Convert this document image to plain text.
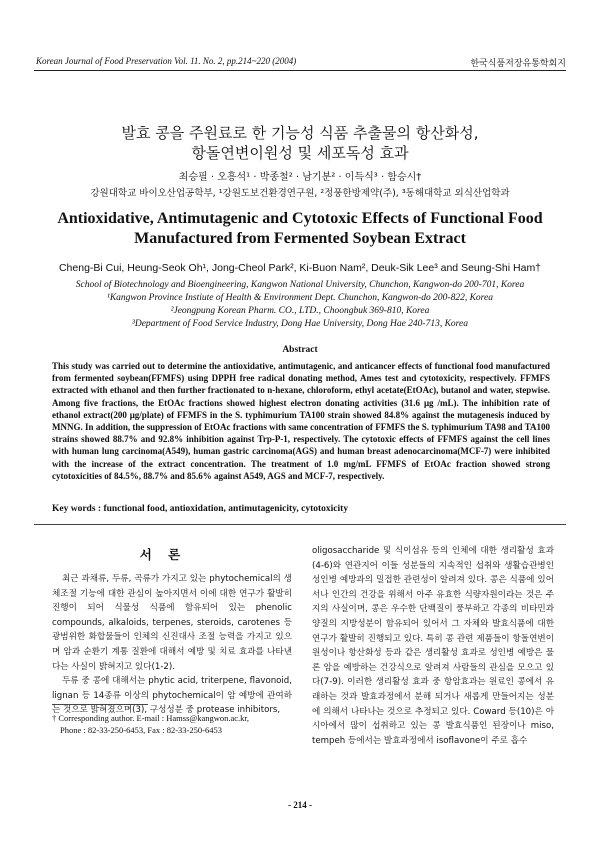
Korean Journal of Food Preservation Vol. 11. No. 2, pp.214~220 (2004)	한국식품저장유통학회지
발효 콩을 주원료로 한 기능성 식품 추출물의 항산화성,
항돌연변이원성 및 세포독성 효과
최승필 · 오흥석¹ · 박종철² · 남기분² · 이득식³ · 함승시†
강원대학교 바이오산업공학부, ¹강원도보건환경연구원, ²정풍한방제약(주), ³동해대학교 외식산업학과
Antioxidative, Antimutagenic and Cytotoxic Effects of Functional Food
Manufactured from Fermented Soybean Extract
Cheng-Bi Cui, Heung-Seok Oh¹, Jong-Cheol Park², Ki-Buon Nam², Deuk-Sik Lee³ and Seung-Shi Ham†
School of Biotechnology and Bioengineering, Kangwon National University, Chunchon, Kangwon-do 200-701, Korea
¹Kangwon Province Instiute of Health & Environment Dept. Chunchon, Kangwon-do 200-822, Korea
²Jeongpung Korean Pharm. CO., LTD., Choongbuk 369-810, Korea
³Department of Food Service Industry, Dong Hae University, Dong Hae 240-713, Korea
Abstract

This study was carried out to determine the antioxidative, antimutagenic, and anticancer effects of functional food manufactured from fermented soybean(FFMFS) using DPPH free radical donating method, Ames test and cytotoxicity, respectively. FFMFS extracted with ethanol and then further fractionated to n-hexane, chloroform, ethyl acetate(EtOAc), butanol and water, stepwise. Among five fractions, the EtOAc fractions showed highest electron donating activities (31.6 μg /mL). The inhibition rate of ethanol extract(200 μg/plate) of FFMFS in the S. typhimurium TA100 strain showed 84.8% against the mutagenesis induced by MNNG. In addition, the suppression of EtOAc fractions with same concentration of FFMFS the S. typhimurium TA98 and TA100 strains showed 88.7% and 92.8% inhibition against Trp-P-1, respectively. The cytotoxic effects of FFMFS against the cell lines with human lung carcinoma(A549), human gastric carcinoma(AGS) and human breast adenocarcinoma(MCF-7) were inhibited with the increase of the extract concentration. The treatment of 1.0 mg/mL FFMFS of EtOAc fraction showed strong cytotoxicities of 84.5%, 88.7% and 85.6% against A549, AGS and MCF-7, respectively.

Key words : functional food, antioxidation, antimutagenicity, cytotoxicity
서 론

최근 과채류, 두류, 곡류가 가지고 있는 phytochemical의 생체조절 기능에 대한 관심이 높아지면서 이에 대한 연구가 활발히 진행이 되어 식물성 식품에 함유되어 있는 phenolic compounds, alkaloids, terpenes, steroids, carotenes 등 광범위한 화합물들이 인체의 신진대사 조절 능력을 가지고 있으며 암과 순환기 계통 질환에 대해서 예방 및 치료 효과를 나타낸다는 사실이 밝혀지고 있다(1-2).

두류 중 콩에 대해서는 phytic acid, triterpene, flavonoid, lignan 등 14종류 이상의 phytochemical이 암 예방에 관여하는 것으로 밝혀졌으며(3), 구성성분 중 protease inhibitors,

oligosaccharide 및 식이섬유 등의 인체에 대한 생리활성 효과(4-6)와 연관지어 이들 성분들의 지속적인 섭취와 생활습관병인 성인병 예방과의 밀접한 관련성이 알려져 있다. 콩은 식품에 있어서나 인간의 건강을 위해서 아주 유효한 식량자원이라는 것은 주지의 사실이며, 콩은 우수한 단백질이 풍부하고 각종의 비타민과 양질의 지방성분이 함유되어 있어서 그 자체와 발효식품에 대한 연구가 활발히 진행되고 있다. 특히 콩 관련 제품들이 항돌연변이원성이나 항산화성 등과 같은 생리활성 효과로 성인병 예방은 물론 암을 예방하는 건강식으로 알려져 사람들의 관심을 모으고 있다(7-9). 이러한 생리활성 효과 중 항암효과는 원료인 콩에서 유래하는 것과 발효과정에서 분해 되거나 새롭게 만들어지는 성분에 의해서 나타나는 것으로 추정되고 있다. Coward 등(10)은 아시아에서 많이 섭취하고 있는 콩 발효식품인 된장이나 miso, tempeh 등에서는 발효과정에서 isoflavone이 주로 흡수

† Corresponding author. E-mail : Hamss@kangwon.ac.kr,
Phone : 82-33-250-6453, Fax : 82-33-250-6453
- 214 -
